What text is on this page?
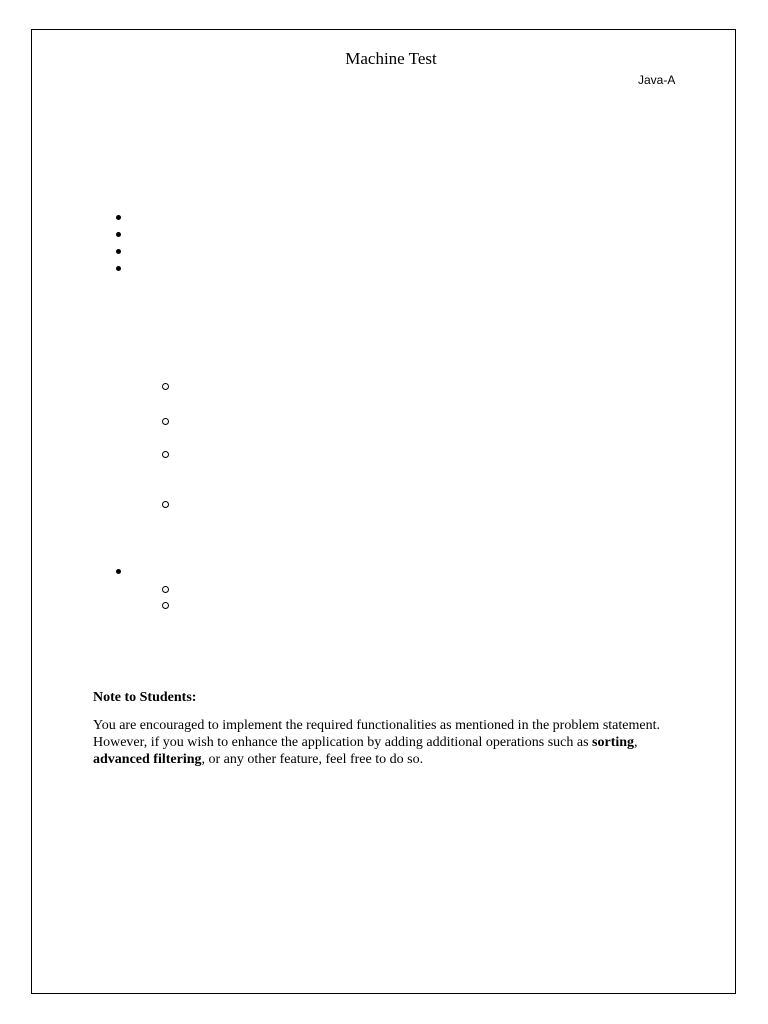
Machine Test
Java-A
Note to Students:
You are encouraged to implement the required functionalities as mentioned in the problem statement. However, if you wish to enhance the application by adding additional operations such as sorting, advanced filtering, or any other feature, feel free to do so.
